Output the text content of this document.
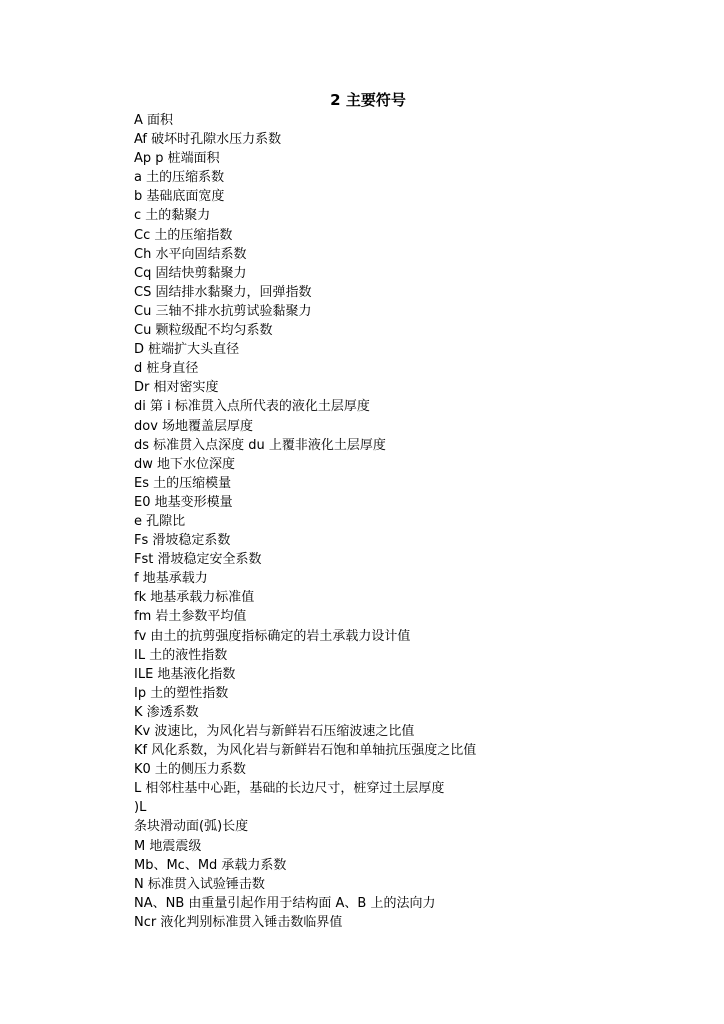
2 主要符号
A 面积
Af 破坏时孔隙水压力系数
Ap p 桩端面积
a 土的压缩系数
b 基础底面宽度
c 土的黏聚力
Cc 土的压缩指数
Ch 水平向固结系数
Cq 固结快剪黏聚力
CS 固结排水黏聚力，回弹指数
Cu 三轴不排水抗剪试验黏聚力
Cu 颗粒级配不均匀系数
D 桩端扩大头直径
d 桩身直径
Dr 相对密实度
di 第 i 标准贯入点所代表的液化土层厚度
dov 场地覆盖层厚度
ds 标准贯入点深度 du 上覆非液化土层厚度
dw 地下水位深度
Es 土的压缩模量
E0 地基变形模量
e 孔隙比
Fs 滑坡稳定系数
Fst 滑坡稳定安全系数
f 地基承载力
fk 地基承载力标准值
fm 岩土参数平均值
fv 由土的抗剪强度指标确定的岩土承载力设计值
IL 土的液性指数
ILE 地基液化指数
Ip 土的塑性指数
K 渗透系数
Kv 波速比，为风化岩与新鲜岩石压缩波速之比值
Kf 风化系数，为风化岩与新鲜岩石饱和单轴抗压强度之比值
K0 土的侧压力系数
L 相邻柱基中心距，基础的长边尺寸，桩穿过土层厚度
)L
条块滑动面(弧)长度
M 地震震级
Mb、Mc、Md 承载力系数
N 标准贯入试验锤击数
NA、NB 由重量引起作用于结构面 A、B 上的法向力
Ncr 液化判别标准贯入锤击数临界值
